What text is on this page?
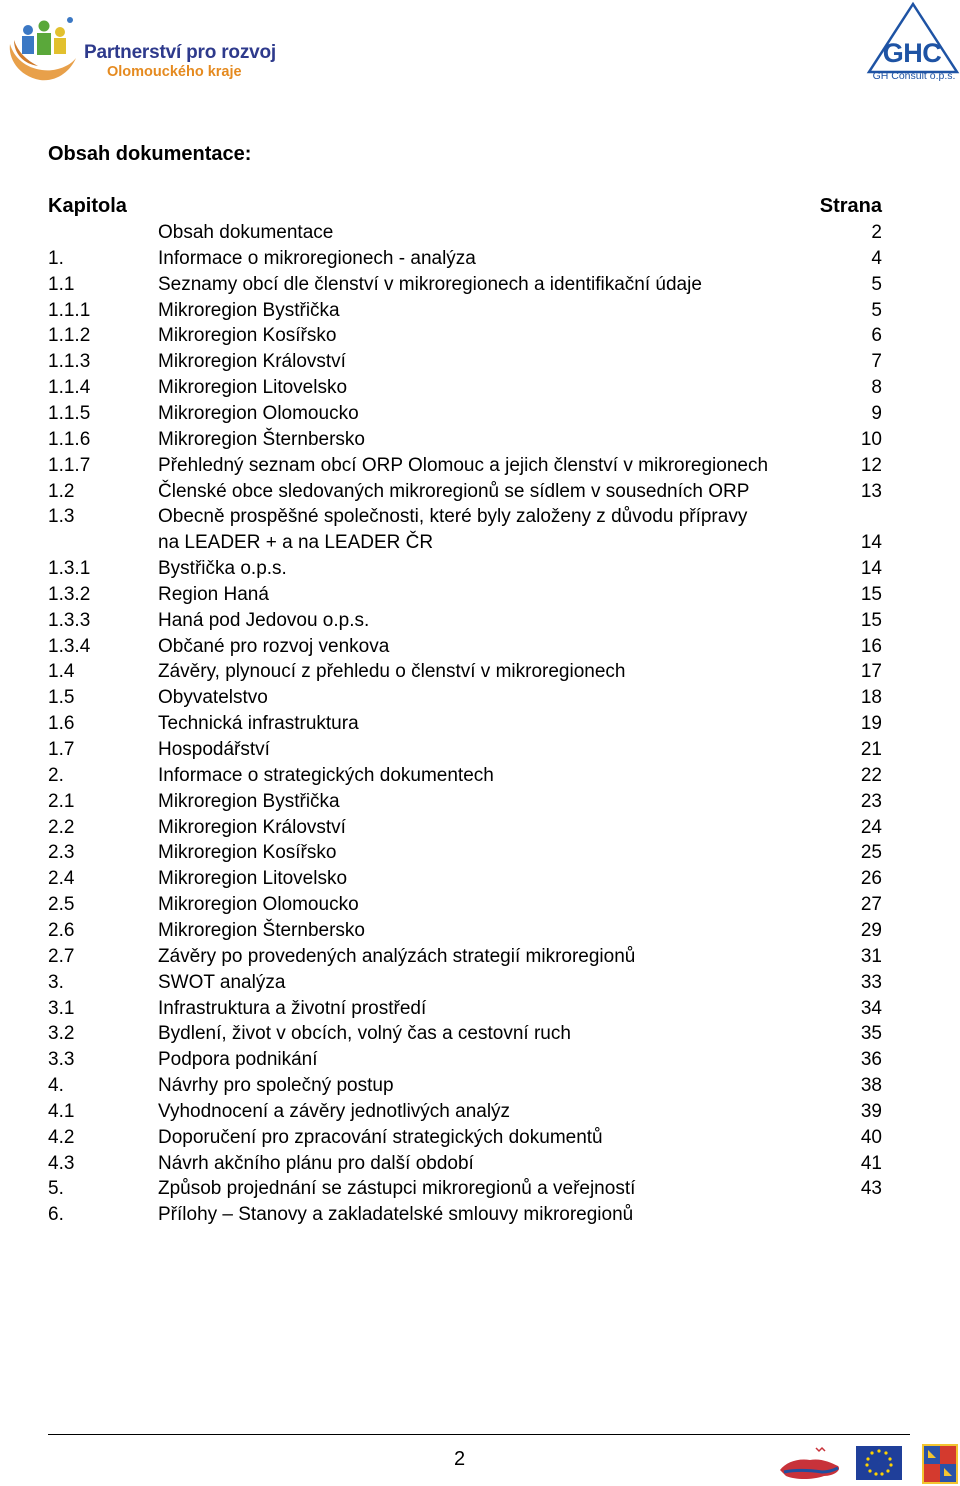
Partnerství pro rozvoj
Olomouckého kraje
GHC
GH Consult o.p.s.
Obsah dokumentace:
Kapitola	Strana
Obsah dokumentace	2
1.	Informace o mikroregionech - analýza	4
1.1	Seznamy obcí dle členství v mikroregionech a identifikační údaje	5
1.1.1	Mikroregion Bystřička	5
1.1.2	Mikroregion Kosířsko	6
1.1.3	Mikroregion Království	7
1.1.4	Mikroregion Litovelsko	8
1.1.5	Mikroregion Olomoucko	9
1.1.6	Mikroregion Šternbersko	10
1.1.7	Přehledný seznam obcí ORP Olomouc a jejich členství v mikroregionech	12
1.2	Členské obce sledovaných mikroregionů se sídlem v sousedních ORP	13
1.3	Obecně prospěšné společnosti, které byly založeny z důvodu přípravy
na LEADER + a na LEADER ČR	14
1.3.1	Bystřička o.p.s.	14
1.3.2	Region Haná	15
1.3.3	Haná pod Jedovou o.p.s.	15
1.3.4	Občané pro rozvoj venkova	16
1.4	Závěry, plynoucí z přehledu o členství v mikroregionech	17
1.5	Obyvatelstvo	18
1.6	Technická infrastruktura	19
1.7	Hospodářství	21
2.	Informace o strategických dokumentech	22
2.1	Mikroregion Bystřička	23
2.2	Mikroregion Království	24
2.3	Mikroregion Kosířsko	25
2.4	Mikroregion Litovelsko	26
2.5	Mikroregion Olomoucko	27
2.6	Mikroregion Šternbersko	29
2.7	Závěry po provedených analýzách strategií mikroregionů	31
3.	SWOT analýza	33
3.1	Infrastruktura a životní prostředí	34
3.2	Bydlení, život v obcích, volný čas a cestovní ruch	35
3.3	Podpora podnikání	36
4.	Návrhy pro společný postup	38
4.1	Vyhodnocení a závěry jednotlivých analýz	39
4.2	Doporučení pro zpracování strategických dokumentů	40
4.3	Návrh akčního plánu pro další období	41
5.	Způsob projednání se zástupci mikroregionů a veřejností	43
6.	Přílohy – Stanovy a zakladatelské smlouvy mikroregionů
2
